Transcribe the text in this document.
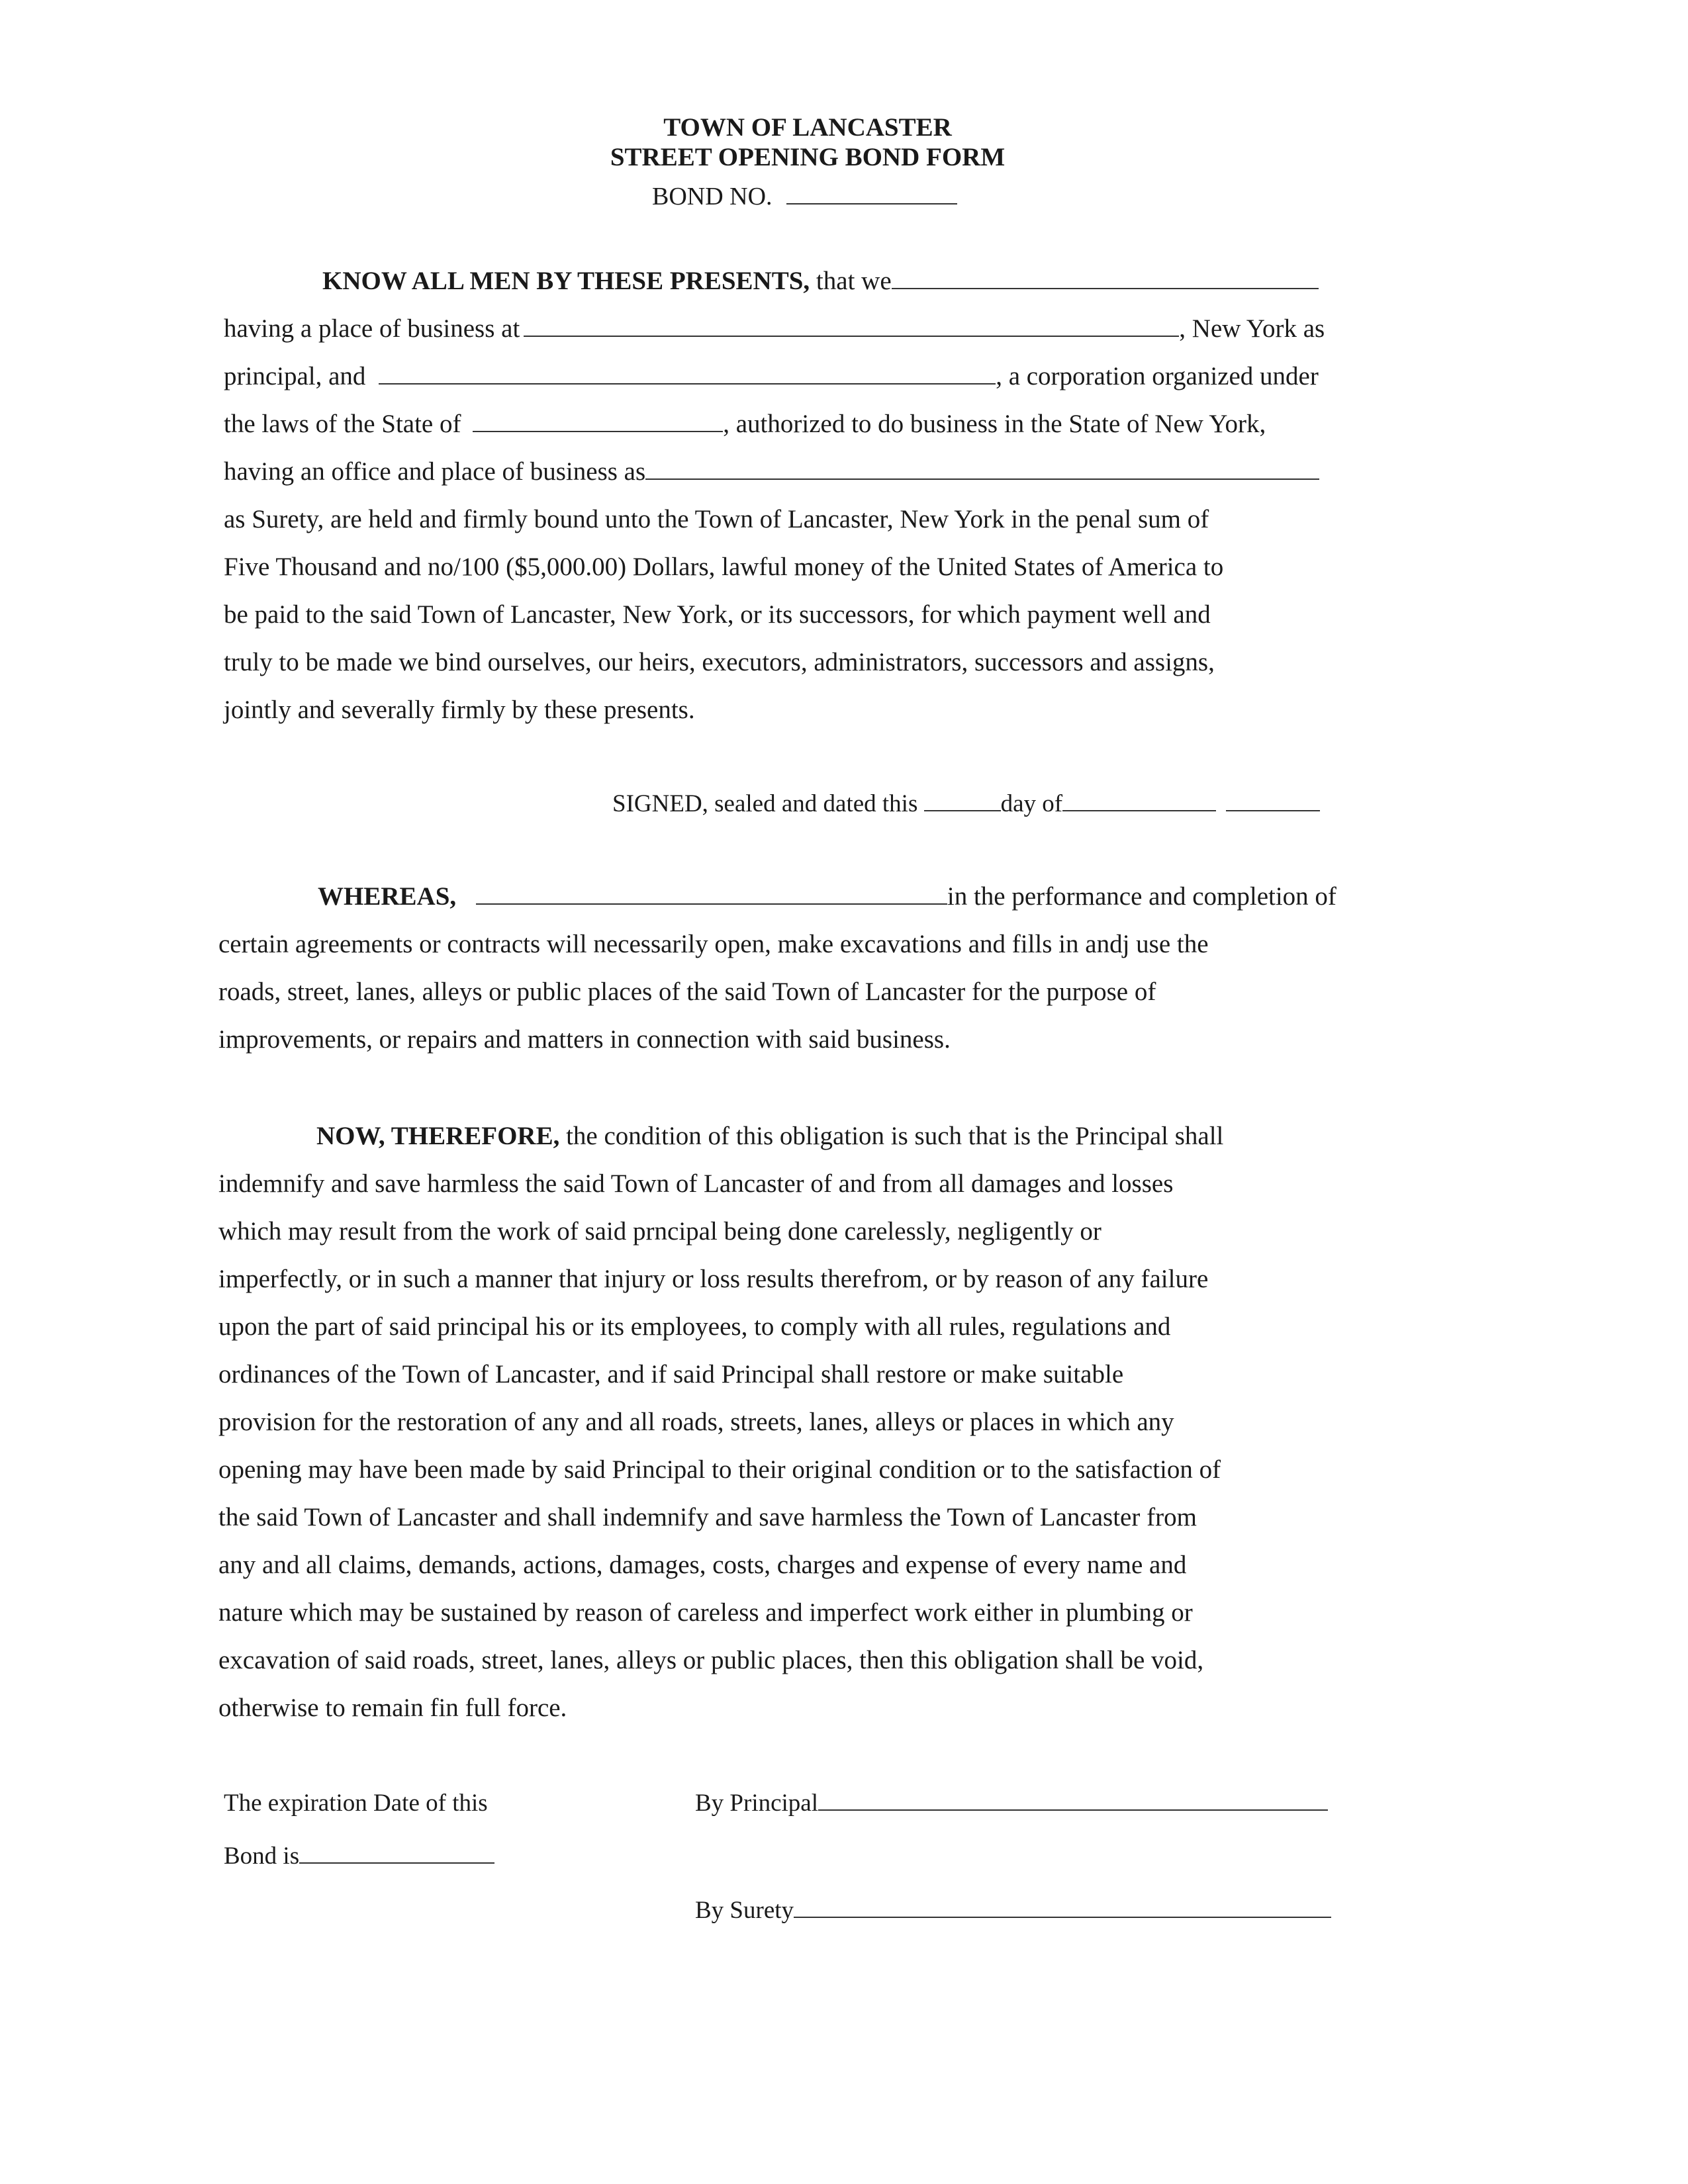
TOWN OF LANCASTER
STREET OPENING BOND FORM
BOND NO.
KNOW ALL MEN BY THESE PRESENTS, that we
having a place of business at	, New York as
principal, and	, a corporation organized under
the laws of the State of	, authorized to do business in the State of New York,
having an office and place of business as
as Surety, are held and firmly bound unto the Town of Lancaster, New York in the penal sum of
Five Thousand and no/100 ($5,000.00) Dollars, lawful money of the United States of America to
be paid to the said Town of Lancaster, New York, or its successors, for which payment well and
truly to be made we bind ourselves, our heirs, executors, administrators, successors and assigns,
jointly and severally firmly by these presents.
SIGNED, sealed and dated this	day of
WHEREAS,	in the performance and completion of
certain agreements or contracts will necessarily open, make excavations and fills in andj use the
roads, street, lanes, alleys or public places of the said Town of Lancaster for the purpose of
improvements, or repairs and matters in connection with said business.
NOW, THEREFORE, the condition of this obligation is such that is the Principal shall
indemnify and save harmless the said Town of Lancaster of and from all damages and losses
which may result from the work of said prncipal being done carelessly, negligently or
imperfectly, or in such a manner that injury or loss results therefrom, or by reason of any failure
upon the part of said principal his or its employees, to comply with all rules, regulations and
ordinances of the Town of Lancaster, and if said Principal shall restore or make suitable
provision for the restoration of any and all roads, streets, lanes, alleys or places in which any
opening may have been made by said Principal to their original condition or to the satisfaction of
the said Town of Lancaster and shall indemnify and save harmless the Town of Lancaster from
any and all claims, demands, actions, damages, costs, charges and expense of every name and
nature which may be sustained by reason of careless and imperfect work either in plumbing or
excavation of said roads, street, lanes, alleys or public places, then this obligation shall be void,
otherwise to remain fin full force.
The expiration Date of this
Bond is
By Principal
By Surety
